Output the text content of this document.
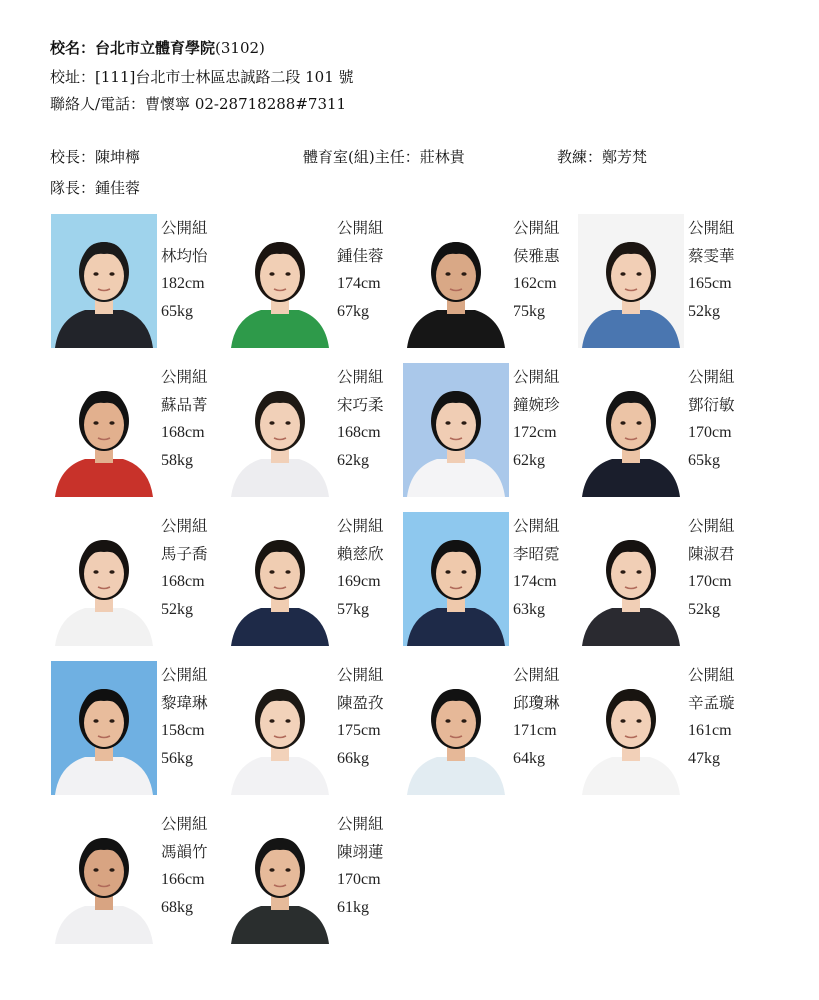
校名：台北市立體育學院(3102)
校址：[111]台北市士林區忠誠路二段 101 號
聯絡人/電話：曹懷寧 02-28718288#7311
校長：陳坤檸	體育室(組)主任：莊林貴	教練：鄭芳梵
隊長：鍾佳蓉
公開組
林均怡
182cm
65kg
公開組
鍾佳蓉
174cm
67kg
公開組
侯雅惠
162cm
75kg
公開組
蔡雯華
165cm
52kg
公開組
蘇品菁
168cm
58kg
公開組
宋巧柔
168cm
62kg
公開組
鐘婉珍
172cm
62kg
公開組
鄧衍敏
170cm
65kg
公開組
馬子喬
168cm
52kg
公開組
賴慈欣
169cm
57kg
公開組
李昭霓
174cm
63kg
公開組
陳淑君
170cm
52kg
公開組
黎瑋琳
158cm
56kg
公開組
陳盈孜
175cm
66kg
公開組
邱瓊琳
171cm
64kg
公開組
辛孟璇
161cm
47kg
公開組
馮韻竹
166cm
68kg
公開組
陳翊蓮
170cm
61kg
